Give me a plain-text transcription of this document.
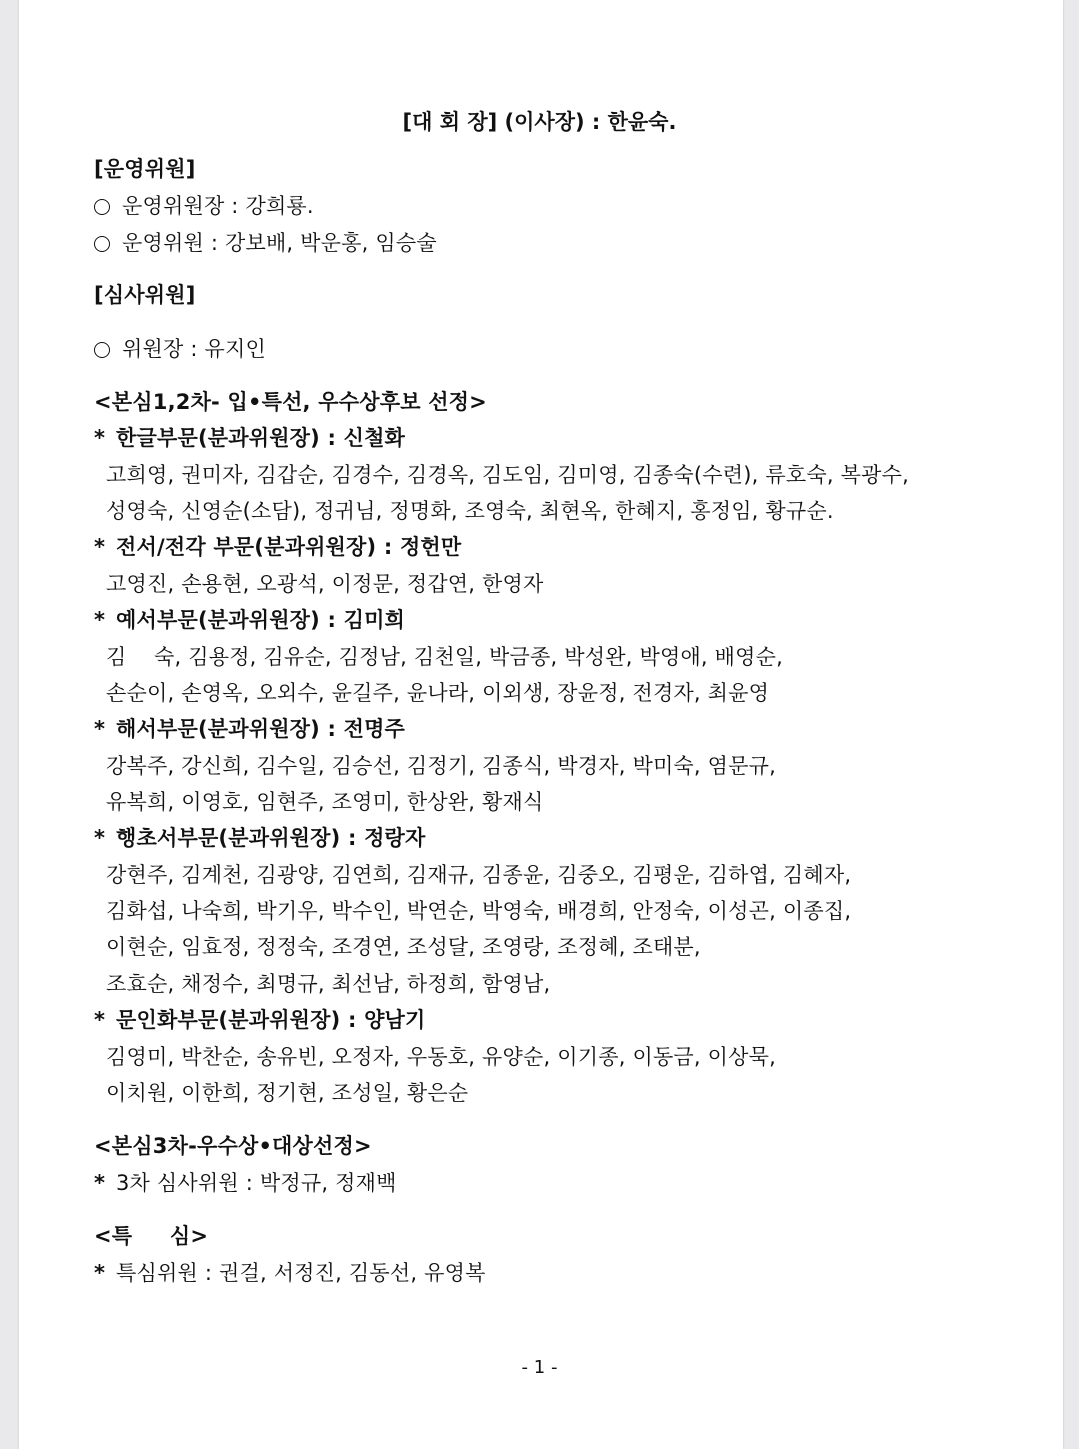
[대 회 장] (이사장) : 한윤숙.
[운영위원]
운영위원장 : 강희룡.
운영위원 : 강보배, 박운홍, 임승술
[심사위원]
위원장 : 유지인
<본심1,2차- 입•특선, 우수상후보 선정>
* 한글부문(분과위원장) : 신철화
고희영, 권미자, 김갑순, 김경수, 김경옥, 김도임, 김미영, 김종숙(수련), 류호숙, 복광수,
성영숙, 신영순(소담), 정귀님, 정명화, 조영숙, 최현옥, 한혜지, 홍정임, 황규순.
* 전서/전각 부문(분과위원장) : 정헌만
고영진, 손용현, 오광석, 이정문, 정갑연, 한영자
* 예서부문(분과위원장) : 김미희
김    숙, 김용정, 김유순, 김정남, 김천일, 박금종, 박성완, 박영애, 배영순,
손순이, 손영옥, 오외수, 윤길주, 윤나라, 이외생, 장윤정, 전경자, 최윤영
* 해서부문(분과위원장) : 전명주
강복주, 강신희, 김수일, 김승선, 김정기, 김종식, 박경자, 박미숙, 염문규,
유복희, 이영호, 임현주, 조영미, 한상완, 황재식
* 행초서부문(분과위원장) : 정랑자
강현주, 김계천, 김광양, 김연희, 김재규, 김종윤, 김중오, 김평운, 김하엽, 김혜자,
김화섭, 나숙희, 박기우, 박수인, 박연순, 박영숙, 배경희, 안정숙, 이성곤, 이종집,
이현순, 임효정, 정정숙, 조경연, 조성달, 조영랑, 조정혜, 조태분,
조효순, 채정수, 최명규, 최선남, 하정희, 함영남,
* 문인화부문(분과위원장) : 양남기
김영미, 박찬순, 송유빈, 오정자, 우동호, 유양순, 이기종, 이동금, 이상묵,
이치원, 이한희, 정기현, 조성일, 황은순
<본심3차-우수상•대상선정>
* 3차 심사위원 : 박정규, 정재백
<특     심>
* 특심위원 : 권걸, 서정진, 김동선, 유영복
- 1 -
